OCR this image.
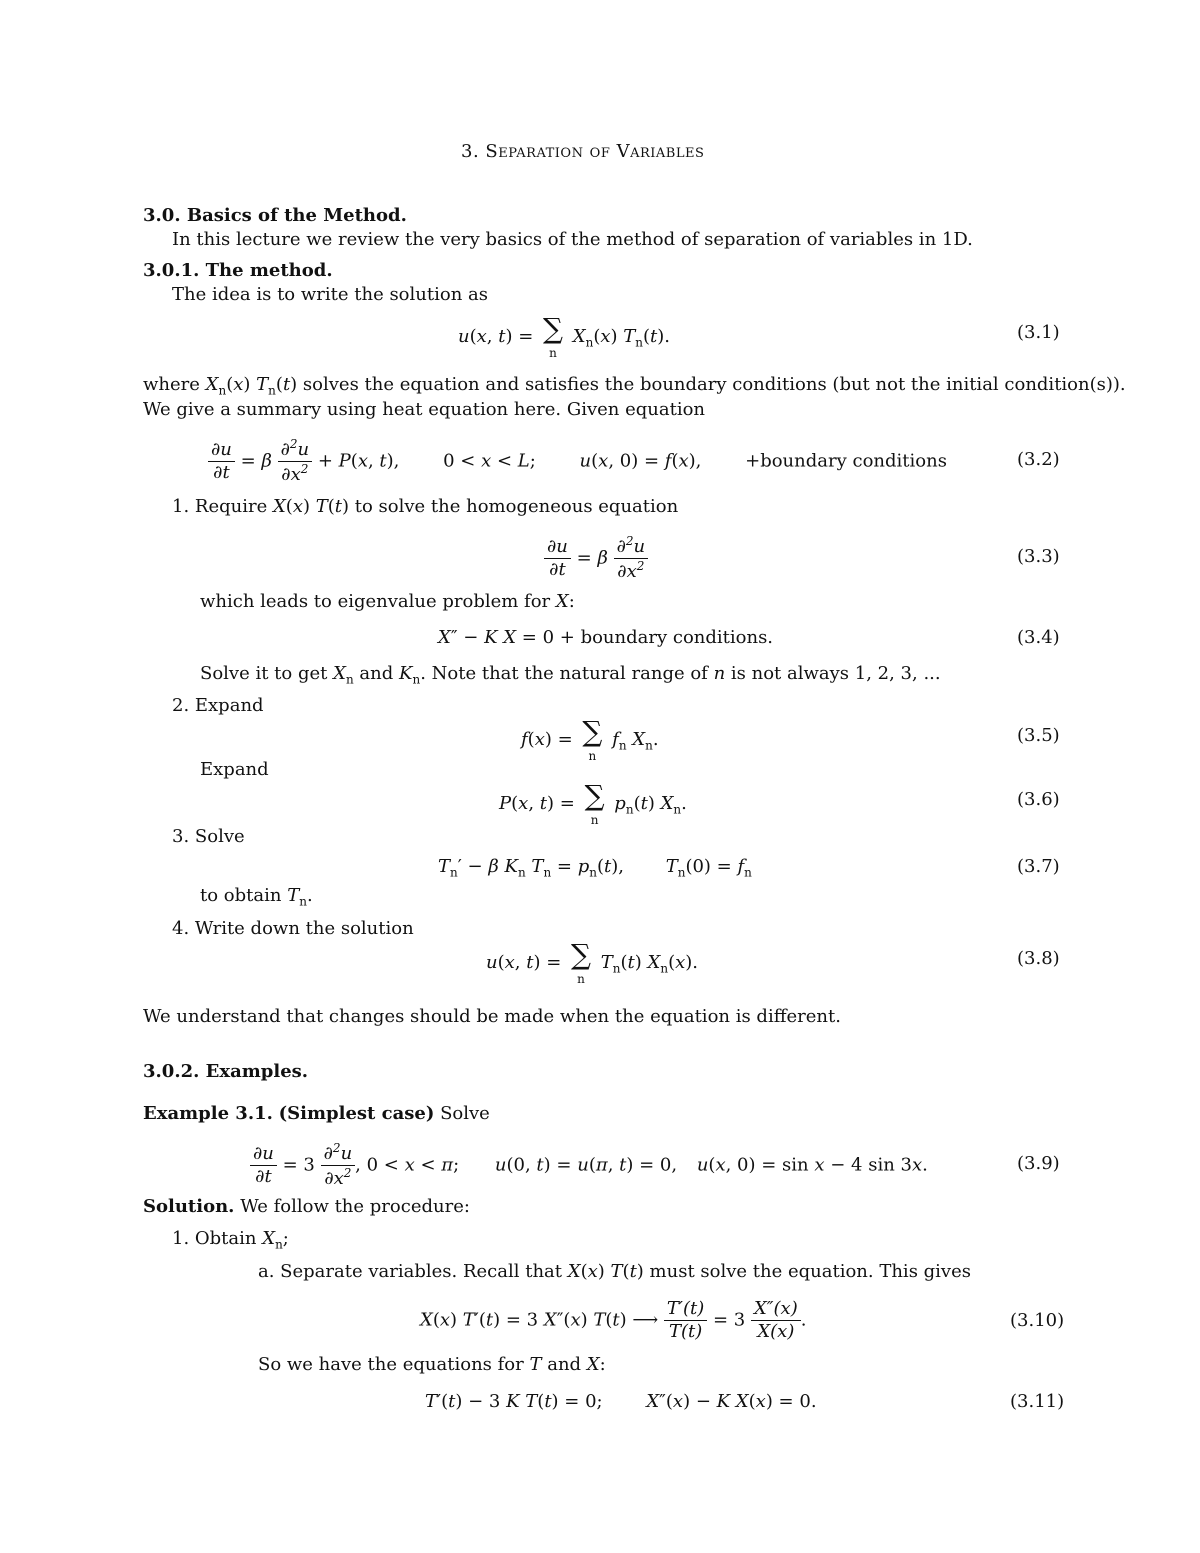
3. Separation of Variables
3.0. Basics of the Method.
In this lecture we review the very basics of the method of separation of variables in 1D.
3.0.1. The method.
The idea is to write the solution as
u(x, t) = ∑
n
$X_n(x)$ $T_n(t)$.	(3.1)
where $X_n(x)$ $T_n(t)$ solves the equation and satisfies the boundary conditions (but not the initial condition(s)).
We give a summary using heat equation here. Given equation
$\frac{\partial u}{\partial t} = \beta \frac{\partial^2u}{\partial x^2} + P(x$, t), 0 < x < L; u(x, 0) = f(x), +boundary conditions	(3.2)
1. Require X(x) T(t) to solve the homogeneous equation
$\frac{\partial u}{\partial t} = \beta \frac{\partial^2u}{\partial x^2}$	(3.3)
which leads to eigenvalue problem for X:
X″ − K X = 0 + boundary conditions.	(3.4)
Solve it to get $X_n$ and $K_n$. Note that the natural range of n is not always 1, 2, 3, ...
2. Expand
f(x) = ∑
n
$f_n$ $X_n$.	(3.5)
Expand
P(x, t) = ∑
n
$p_n(t)$ $X_n$.	(3.6)
3. Solve
$T_n' - \beta$ $K_n$ $T_n = p_n(t)$, $T_n(0) = f_n$	(3.7)
to obtain $T_n$.
4. Write down the solution
u(x, t) = ∑
n
$T_n(t)$ $X_n(x)$.	(3.8)
We understand that changes should be made when the equation is different.
3.0.2. Examples.
Example 3.1. (Simplest case) Solve
$\frac{\partial u}{\partial t} = 3 \frac{\partial^2u}{\partial x^2}$ , 0 < x < π; u(0, t) = u(π, t) = 0, u(x, 0) = sin x − 4 sin 3x.	(3.9)
Solution. We follow the procedure:
1. Obtain $X_n$;
a. Separate variables. Recall that X(x) T(t) must solve the equation. This gives
X(x) T′(t) = 3 X″(x) T(t) ⟶ $\frac{T'(t)}{T(t)} = 3 \frac{X''(x)}{X(x)}$ .	(3.10)
So we have the equations for T and X:
T′(t) − 3 K T(t) = 0; X″(x) − K X(x) = 0.	(3.11)
